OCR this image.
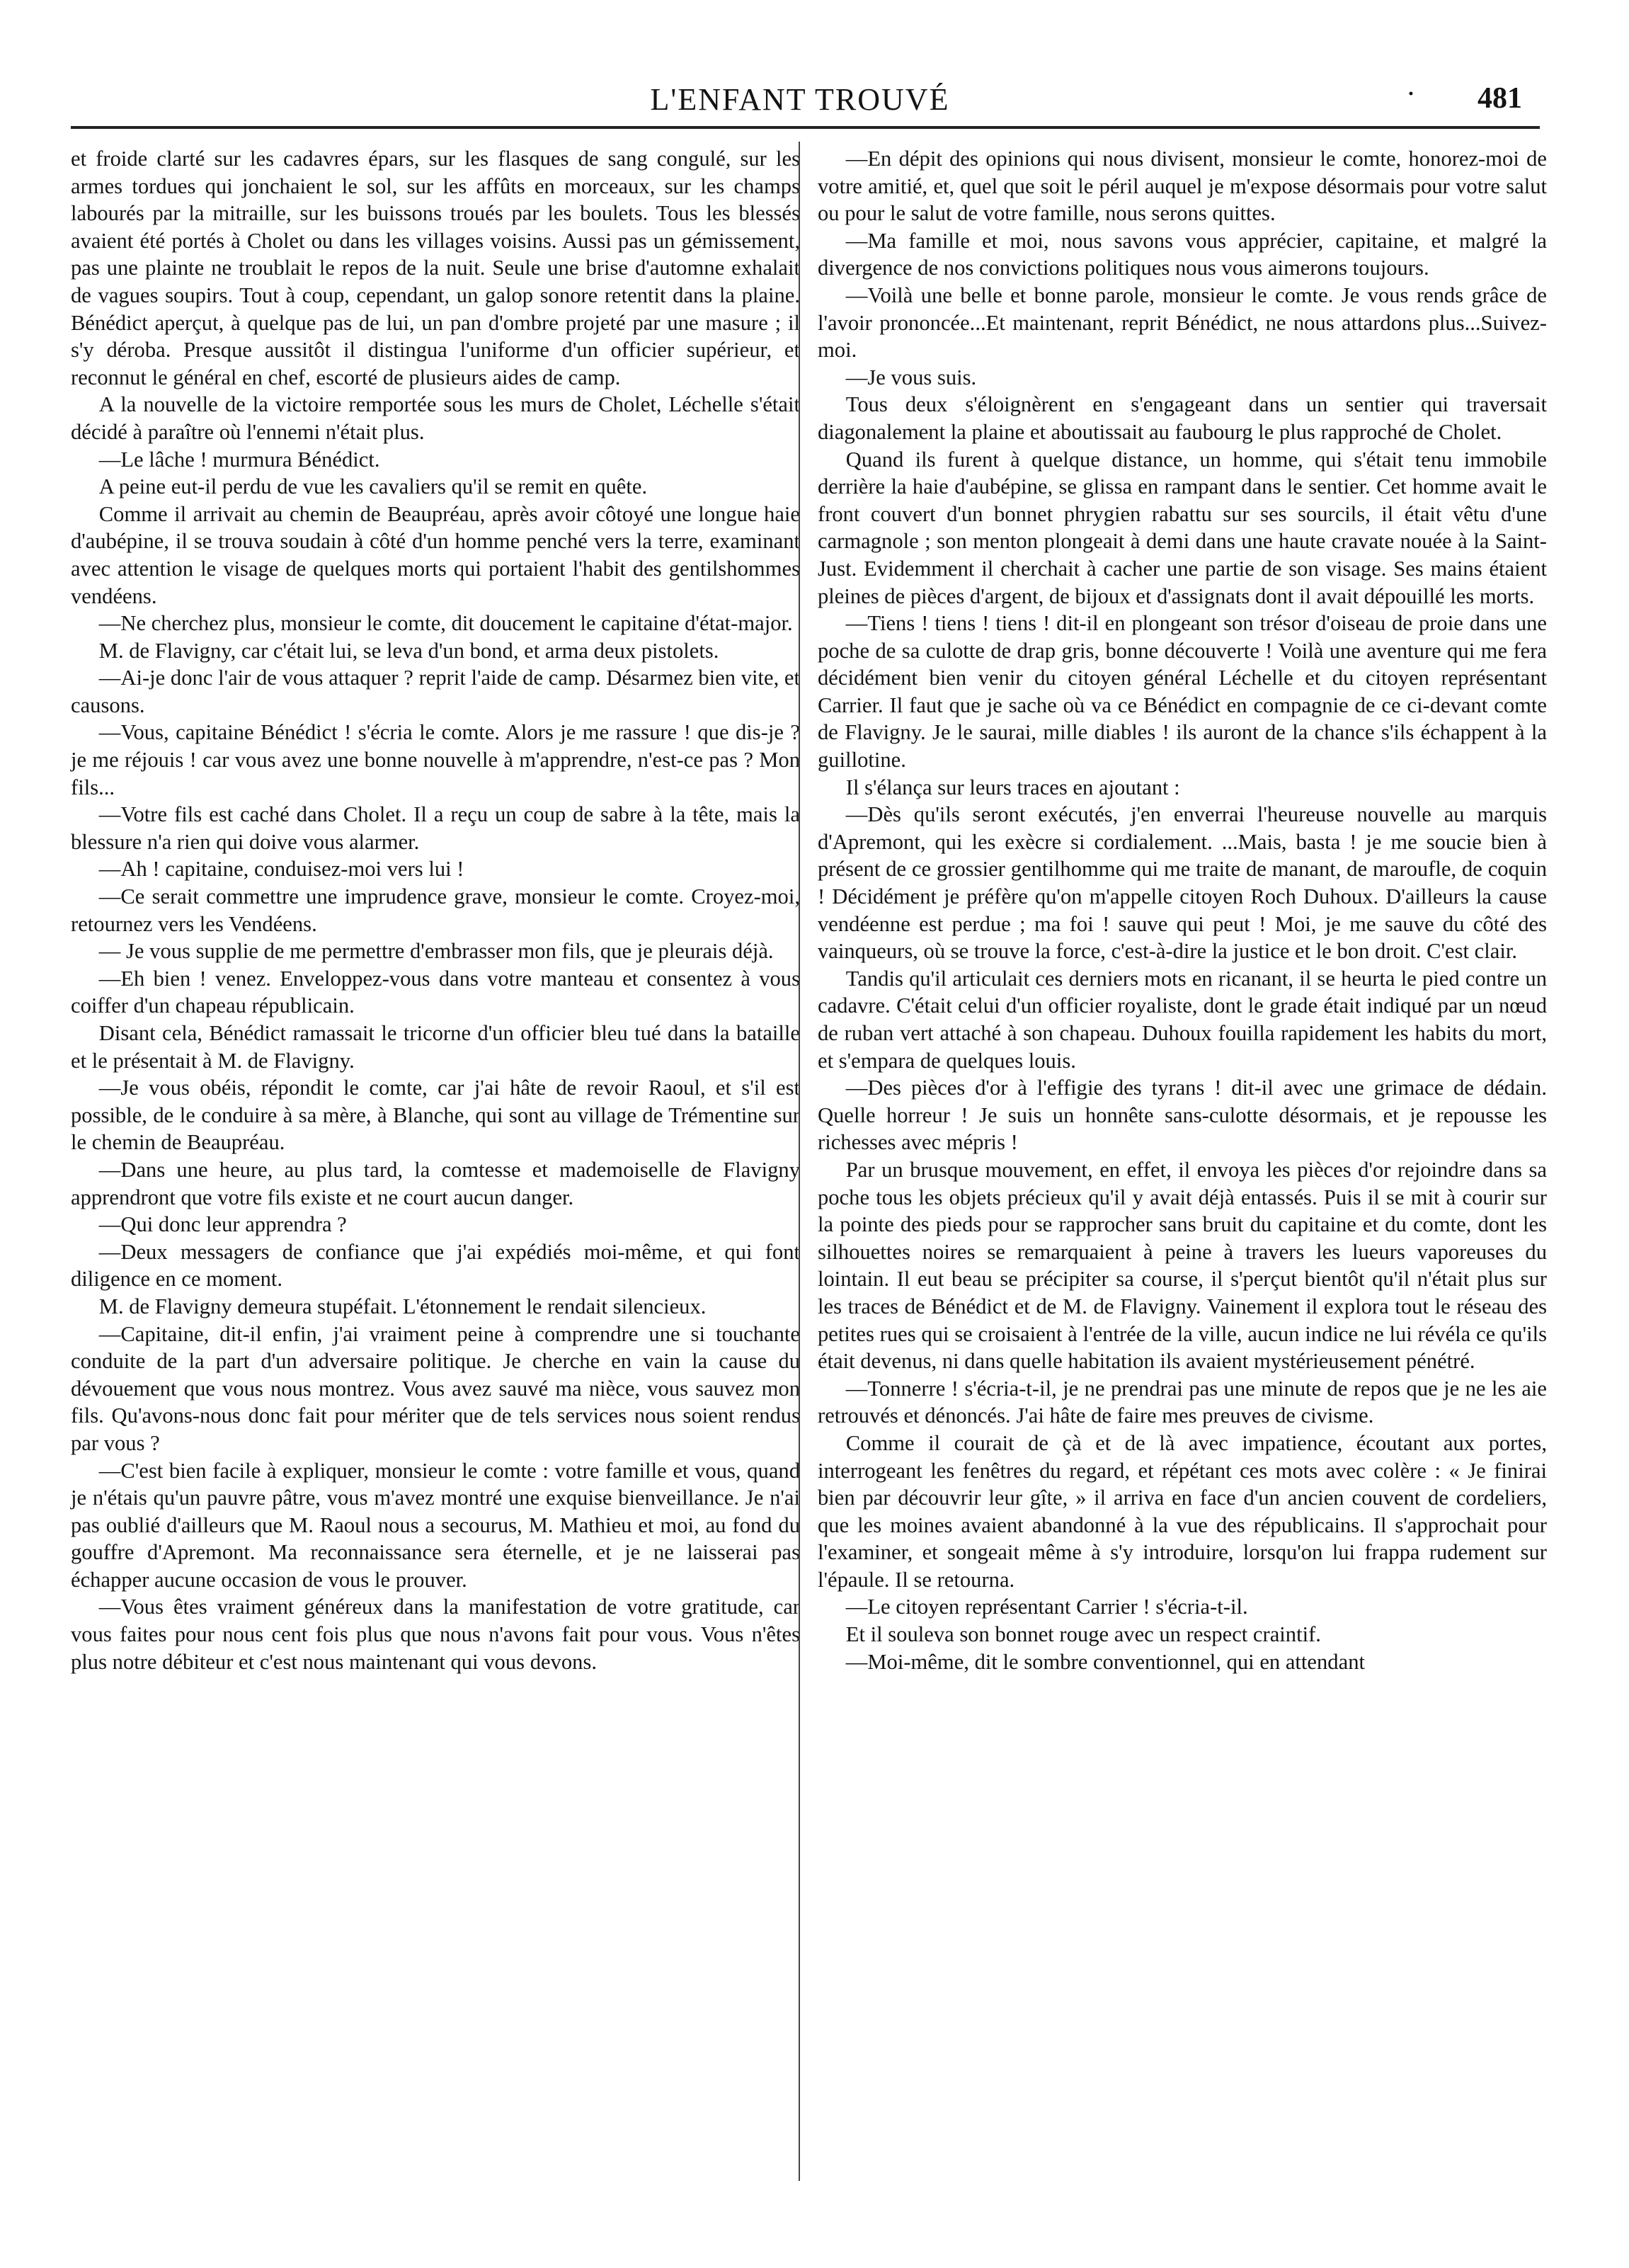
L'ENFANT TROUVÉ	· 481

et froide clarté sur les cadavres épars, sur les flasques de sang congulé, sur les armes tordues qui jonchaient le sol, sur les affûts en morceaux, sur les champs labourés par la mitraille, sur les buissons troués par les boulets. Tous les blessés avaient été portés à Cholet ou dans les villages voisins. Aussi pas un gémissement, pas une plainte ne troublait le repos de la nuit. Seule une brise d'automne exhalait de vagues soupirs. Tout à coup, cependant, un galop sonore retentit dans la plaine. Bénédict aperçut, à quelque pas de lui, un pan d'ombre projeté par une masure ; il s'y déroba. Presque aussitôt il distingua l'uniforme d'un officier supérieur, et reconnut le général en chef, escorté de plusieurs aides de camp.

A la nouvelle de la victoire remportée sous les murs de Cholet, Léchelle s'était décidé à paraître où l'ennemi n'était plus.

—Le lâche ! murmura Bénédict.

A peine eut-il perdu de vue les cavaliers qu'il se remit en quête.

Comme il arrivait au chemin de Beaupréau, après avoir côtoyé une longue haie d'aubépine, il se trouva soudain à côté d'un homme penché vers la terre, examinant avec attention le visage de quelques morts qui portaient l'habit des gentilshommes vendéens.

—Ne cherchez plus, monsieur le comte, dit doucement le capitaine d'état-major.

M. de Flavigny, car c'était lui, se leva d'un bond, et arma deux pistolets.

—Ai-je donc l'air de vous attaquer ? reprit l'aide de camp. Désarmez bien vite, et causons.

—Vous, capitaine Bénédict ! s'écria le comte. Alors je me rassure ! que dis-je ? je me réjouis ! car vous avez une bonne nouvelle à m'apprendre, n'est-ce pas ? Mon fils...

—Votre fils est caché dans Cholet. Il a reçu un coup de sabre à la tête, mais la blessure n'a rien qui doive vous alarmer.

—Ah ! capitaine, conduisez-moi vers lui !

—Ce serait commettre une imprudence grave, monsieur le comte. Croyez-moi, retournez vers les Vendéens.

— Je vous supplie de me permettre d'embrasser mon fils, que je pleurais déjà.

—Eh bien ! venez. Enveloppez-vous dans votre manteau et consentez à vous coiffer d'un chapeau républicain.

Disant cela, Bénédict ramassait le tricorne d'un officier bleu tué dans la bataille et le présentait à M. de Flavigny.

—Je vous obéis, répondit le comte, car j'ai hâte de revoir Raoul, et s'il est possible, de le conduire à sa mère, à Blanche, qui sont au village de Trémentine sur le chemin de Beaupréau.

—Dans une heure, au plus tard, la comtesse et mademoiselle de Flavigny apprendront que votre fils existe et ne court aucun danger.

—Qui donc leur apprendra ?

—Deux messagers de confiance que j'ai expédiés moi-même, et qui font diligence en ce moment.

M. de Flavigny demeura stupéfait. L'étonnement le rendait silencieux.

—Capitaine, dit-il enfin, j'ai vraiment peine à comprendre une si touchante conduite de la part d'un adversaire politique. Je cherche en vain la cause du dévouement que vous nous montrez. Vous avez sauvé ma nièce, vous sauvez mon fils. Qu'avons-nous donc fait pour mériter que de tels services nous soient rendus par vous ?

—C'est bien facile à expliquer, monsieur le comte : votre famille et vous, quand je n'étais qu'un pauvre pâtre, vous m'avez montré une exquise bienveillance. Je n'ai pas oublié d'ailleurs que M. Raoul nous a secourus, M. Mathieu et moi, au fond du gouffre d'Apremont. Ma reconnaissance sera éternelle, et je ne laisserai pas échapper aucune occasion de vous le prouver.

—Vous êtes vraiment généreux dans la manifestation de votre gratitude, car vous faites pour nous cent fois plus que nous n'avons fait pour vous. Vous n'êtes plus notre débiteur et c'est nous maintenant qui vous devons.

—En dépit des opinions qui nous divisent, monsieur le comte, honorez-moi de votre amitié, et, quel que soit le péril auquel je m'expose désormais pour votre salut ou pour le salut de votre famille, nous serons quittes.

—Ma famille et moi, nous savons vous apprécier, capitaine, et malgré la divergence de nos convictions politiques nous vous aimerons toujours.

—Voilà une belle et bonne parole, monsieur le comte. Je vous rends grâce de l'avoir prononcée...Et maintenant, reprit Bénédict, ne nous attardons plus...Suivez-moi.

—Je vous suis.

Tous deux s'éloignèrent en s'engageant dans un sentier qui traversait diagonalement la plaine et aboutissait au faubourg le plus rapproché de Cholet.

Quand ils furent à quelque distance, un homme, qui s'était tenu immobile derrière la haie d'aubépine, se glissa en rampant dans le sentier. Cet homme avait le front couvert d'un bonnet phrygien rabattu sur ses sourcils, il était vêtu d'une carmagnole ; son menton plongeait à demi dans une haute cravate nouée à la Saint-Just. Evidemment il cherchait à cacher une partie de son visage. Ses mains étaient pleines de pièces d'argent, de bijoux et d'assignats dont il avait dépouillé les morts.

—Tiens ! tiens ! tiens ! dit-il en plongeant son trésor d'oiseau de proie dans une poche de sa culotte de drap gris, bonne découverte ! Voilà une aventure qui me fera décidément bien venir du citoyen général Léchelle et du citoyen représentant Carrier. Il faut que je sache où va ce Bénédict en compagnie de ce ci-devant comte de Flavigny. Je le saurai, mille diables ! ils auront de la chance s'ils échappent à la guillotine.

Il s'élança sur leurs traces en ajoutant :

—Dès qu'ils seront exécutés, j'en enverrai l'heureuse nouvelle au marquis d'Apremont, qui les exècre si cordialement. ...Mais, basta ! je me soucie bien à présent de ce grossier gentilhomme qui me traite de manant, de maroufle, de coquin ! Décidément je préfère qu'on m'appelle citoyen Roch Duhoux. D'ailleurs la cause vendéenne est perdue ; ma foi ! sauve qui peut ! Moi, je me sauve du côté des vainqueurs, où se trouve la force, c'est-à-dire la justice et le bon droit. C'est clair.

Tandis qu'il articulait ces derniers mots en ricanant, il se heurta le pied contre un cadavre. C'était celui d'un officier royaliste, dont le grade était indiqué par un nœud de ruban vert attaché à son chapeau. Duhoux fouilla rapidement les habits du mort, et s'empara de quelques louis.

—Des pièces d'or à l'effigie des tyrans ! dit-il avec une grimace de dédain. Quelle horreur ! Je suis un honnête sans-culotte désormais, et je repousse les richesses avec mépris !

Par un brusque mouvement, en effet, il envoya les pièces d'or rejoindre dans sa poche tous les objets précieux qu'il y avait déjà entassés. Puis il se mit à courir sur la pointe des pieds pour se rapprocher sans bruit du capitaine et du comte, dont les silhouettes noires se remarquaient à peine à travers les lueurs vaporeuses du lointain. Il eut beau se précipiter sa course, il s'perçut bientôt qu'il n'était plus sur les traces de Bénédict et de M. de Flavigny. Vainement il explora tout le réseau des petites rues qui se croisaient à l'entrée de la ville, aucun indice ne lui révéla ce qu'ils était devenus, ni dans quelle habitation ils avaient mystérieusement pénétré.

—Tonnerre ! s'écria-t-il, je ne prendrai pas une minute de repos que je ne les aie retrouvés et dénoncés. J'ai hâte de faire mes preuves de civisme.

Comme il courait de çà et de là avec impatience, écoutant aux portes, interrogeant les fenêtres du regard, et répétant ces mots avec colère : « Je finirai bien par découvrir leur gîte, » il arriva en face d'un ancien couvent de cordeliers, que les moines avaient abandonné à la vue des républicains. Il s'approchait pour l'examiner, et songeait même à s'y introduire, lorsqu'on lui frappa rudement sur l'épaule. Il se retourna.

—Le citoyen représentant Carrier ! s'écria-t-il.

Et il souleva son bonnet rouge avec un respect craintif.

—Moi-même, dit le sombre conventionnel, qui en attendant
